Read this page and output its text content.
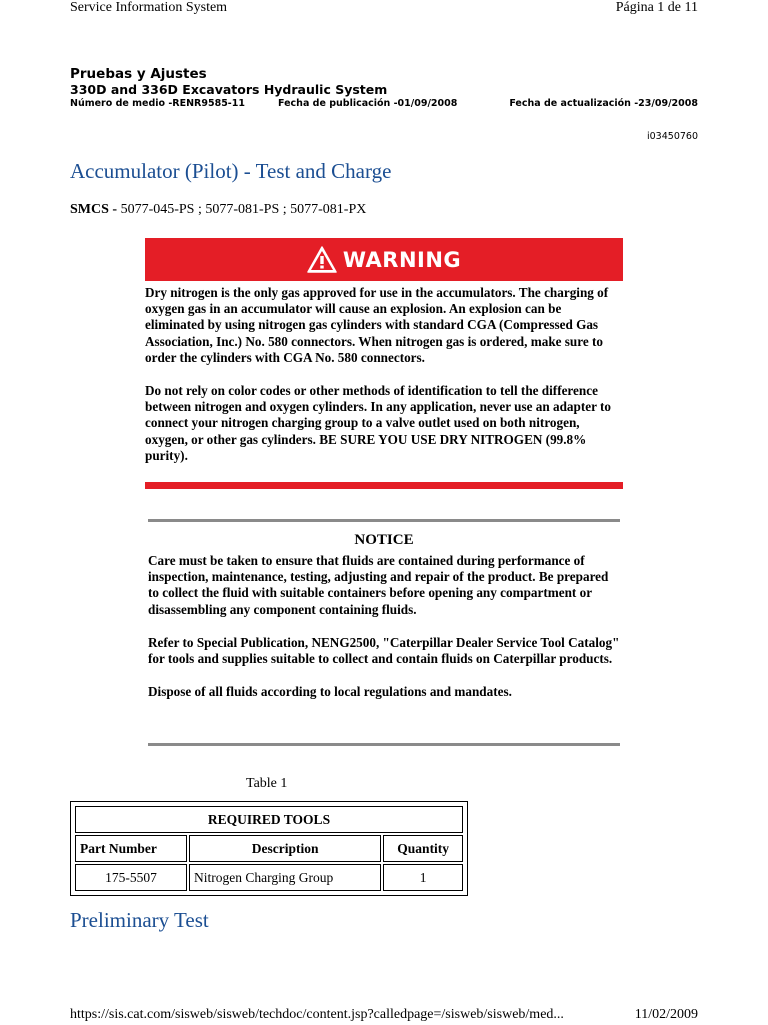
Service Information System	Página 1 de 11
Pruebas y Ajustes
330D and 336D Excavators Hydraulic System
Número de medio -RENR9585-11	Fecha de publicación -01/09/2008	Fecha de actualización -23/09/2008
i03450760
Accumulator (Pilot) - Test and Charge
SMCS - 5077-045-PS ; 5077-081-PS ; 5077-081-PX
WARNING

Dry nitrogen is the only gas approved for use in the accumulators. The charging of oxygen gas in an accumulator will cause an explosion. An explosion can be eliminated by using nitrogen gas cylinders with standard CGA (Compressed Gas Association, Inc.) No. 580 connectors. When nitrogen gas is ordered, make sure to order the cylinders with CGA No. 580 connectors.

Do not rely on color codes or other methods of identification to tell the difference between nitrogen and oxygen cylinders. In any application, never use an adapter to connect your nitrogen charging group to a valve outlet used on both nitrogen, oxygen, or other gas cylinders. BE SURE YOU USE DRY NITROGEN (99.8% purity).

NOTICE

Care must be taken to ensure that fluids are contained during performance of inspection, maintenance, testing, adjusting and repair of the product. Be prepared to collect the fluid with suitable containers before opening any compartment or disassembling any component containing fluids.

Refer to Special Publication, NENG2500, "Caterpillar Dealer Service Tool Catalog" for tools and supplies suitable to collect and contain fluids on Caterpillar products.

Dispose of all fluids according to local regulations and mandates.

Table 1
REQUIRED TOOLS		
Part Number	Description	Quantity
175-5507	Nitrogen Charging Group	1
Preliminary Test
https://sis.cat.com/sisweb/sisweb/techdoc/content.jsp?calledpage=/sisweb/sisweb/med...	11/02/2009
